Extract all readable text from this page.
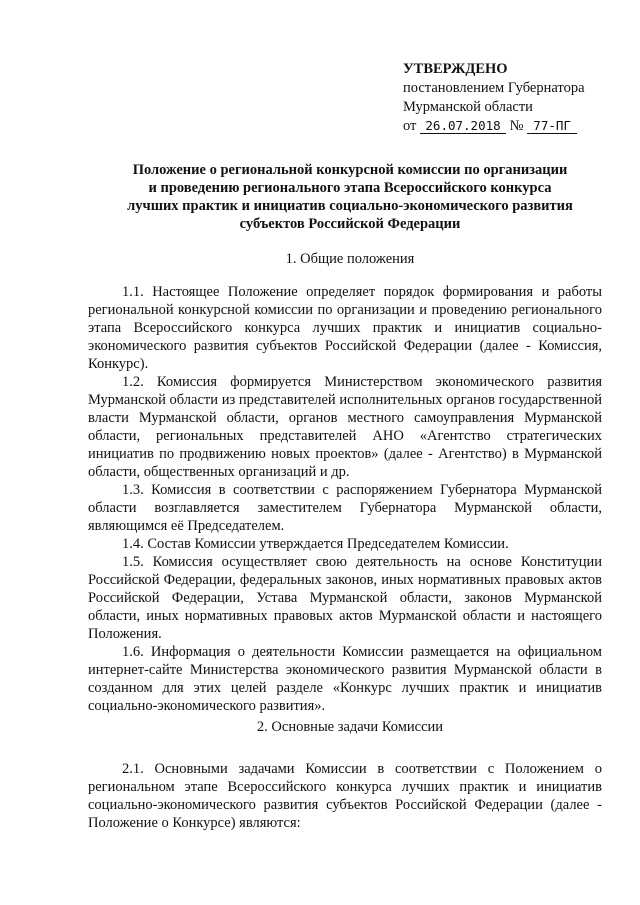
УТВЕРЖДЕНО
постановлением Губернатора
Мурманской области
от 26.07.2018 № 77-ПГ
Положение о региональной конкурсной комиссии по организации
и проведению регионального этапа Всероссийского конкурса
лучших практик и инициатив социально-экономического развития
субъектов Российской Федерации
1. Общие положения

1.1. Настоящее Положение определяет порядок формирования и работы региональной конкурсной комиссии по организации и проведению регионального этапа Всероссийского конкурса лучших практик и инициатив социально-экономического развития субъектов Российской Федерации (далее - Комиссия, Конкурс).

1.2. Комиссия формируется Министерством экономического развития Мурманской области из представителей исполнительных органов государственной власти Мурманской области, органов местного самоуправления Мурманской области, региональных представителей АНО «Агентство стратегических инициатив по продвижению новых проектов» (далее - Агентство) в Мурманской области, общественных организаций и др.

1.3. Комиссия в соответствии с распоряжением Губернатора Мурманской области возглавляется заместителем Губернатора Мурманской области, являющимся её Председателем.

1.4. Состав Комиссии утверждается Председателем Комиссии.

1.5. Комиссия осуществляет свою деятельность на основе Конституции Российской Федерации, федеральных законов, иных нормативных правовых актов Российской Федерации, Устава Мурманской области, законов Мурманской области, иных нормативных правовых актов Мурманской области и настоящего Положения.

1.6. Информация о деятельности Комиссии размещается на официальном интернет-сайте Министерства экономического развития Мурманской области в созданном для этих целей разделе «Конкурс лучших практик и инициатив социально-экономического развития».

2. Основные задачи Комиссии

2.1. Основными задачами Комиссии в соответствии с Положением о региональном этапе Всероссийского конкурса лучших практик и инициатив социально-экономического развития субъектов Российской Федерации (далее - Положение о Конкурсе) являются:
